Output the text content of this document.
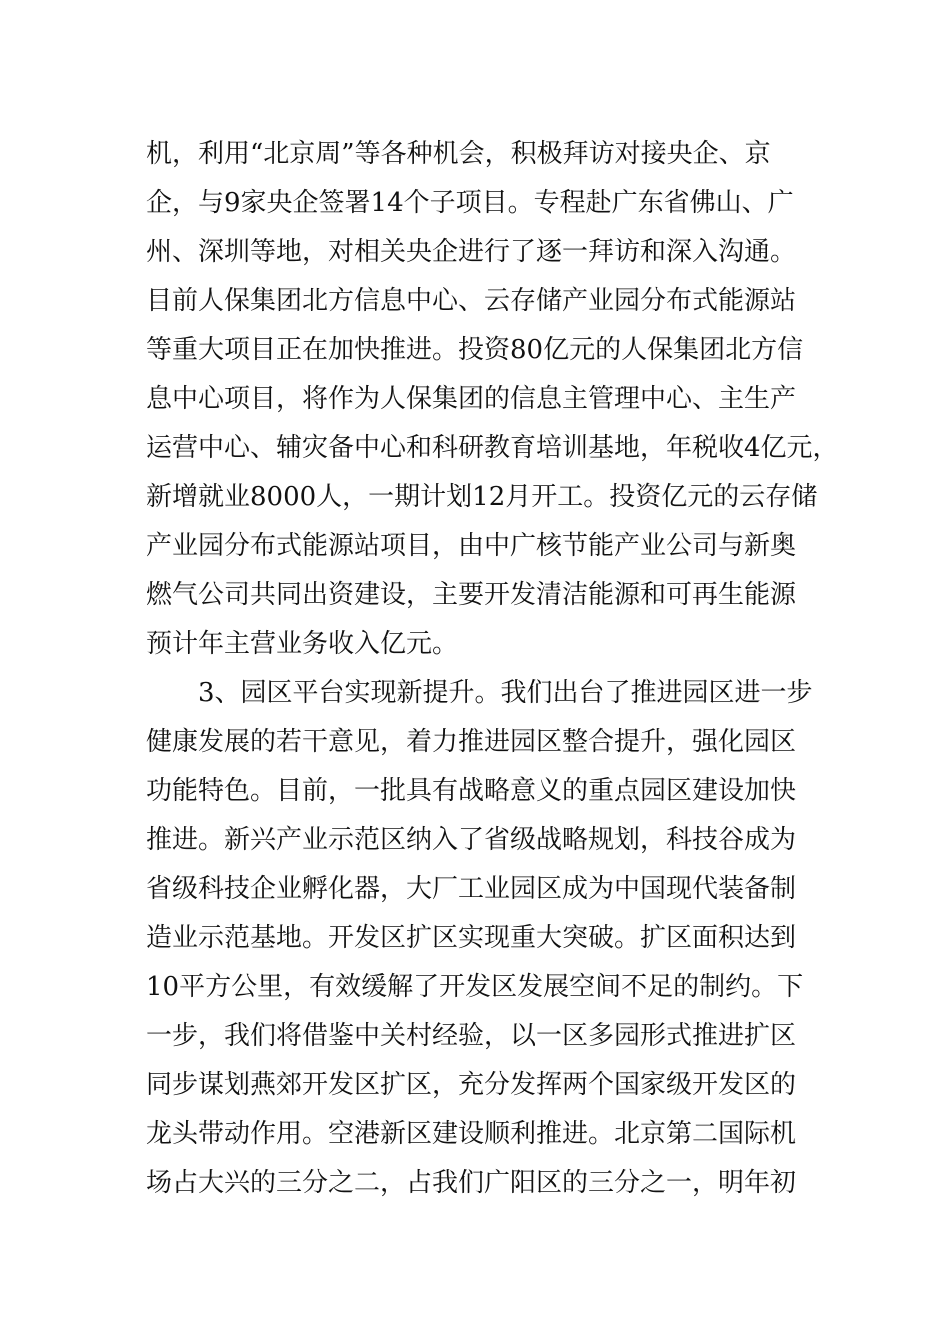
机，利用“北京周”等各种机会，积极拜访对接央企、京
企，与9家央企签署14个子项目。专程赴广东省佛山、广
州、深圳等地，对相关央企进行了逐一拜访和深入沟通。
目前人保集团北方信息中心、云存储产业园分布式能源站
等重大项目正在加快推进。投资80亿元的人保集团北方信
息中心项目，将作为人保集团的信息主管理中心、主生产
运营中心、辅灾备中心和科研教育培训基地，年税收4亿元，
新增就业8000人，一期计划12月开工。投资亿元的云存储
产业园分布式能源站项目，由中广核节能产业公司与新奥
燃气公司共同出资建设，主要开发清洁能源和可再生能源
预计年主营业务收入亿元。
3、园区平台实现新提升。我们出台了推进园区进一步
健康发展的若干意见，着力推进园区整合提升，强化园区
功能特色。目前，一批具有战略意义的重点园区建设加快
推进。新兴产业示范区纳入了省级战略规划，科技谷成为
省级科技企业孵化器，大厂工业园区成为中国现代装备制
造业示范基地。开发区扩区实现重大突破。扩区面积达到
10平方公里，有效缓解了开发区发展空间不足的制约。下
一步，我们将借鉴中关村经验，以一区多园形式推进扩区
同步谋划燕郊开发区扩区，充分发挥两个国家级开发区的
龙头带动作用。空港新区建设顺利推进。北京第二国际机
场占大兴的三分之二，占我们广阳区的三分之一，明年初
